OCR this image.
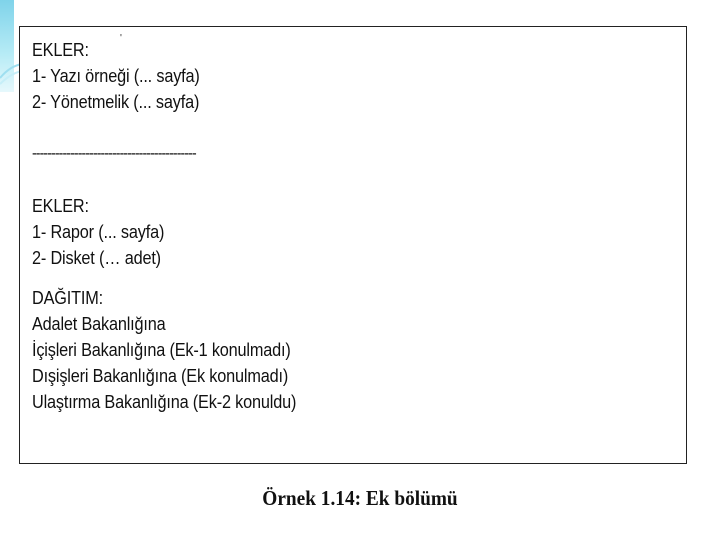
'
EKLER:
1- Yazı örneği (... sayfa)
2- Yönetmelik (... sayfa)
-------------------------------------------
EKLER:
1- Rapor (... sayfa)
2- Disket (… adet)
DAĞITIM:
Adalet Bakanlığına
İçişleri Bakanlığına (Ek-1 konulmadı)
Dışişleri Bakanlığına (Ek konulmadı)
Ulaştırma Bakanlığına (Ek-2 konuldu)
Örnek 1.14: Ek bölümü
